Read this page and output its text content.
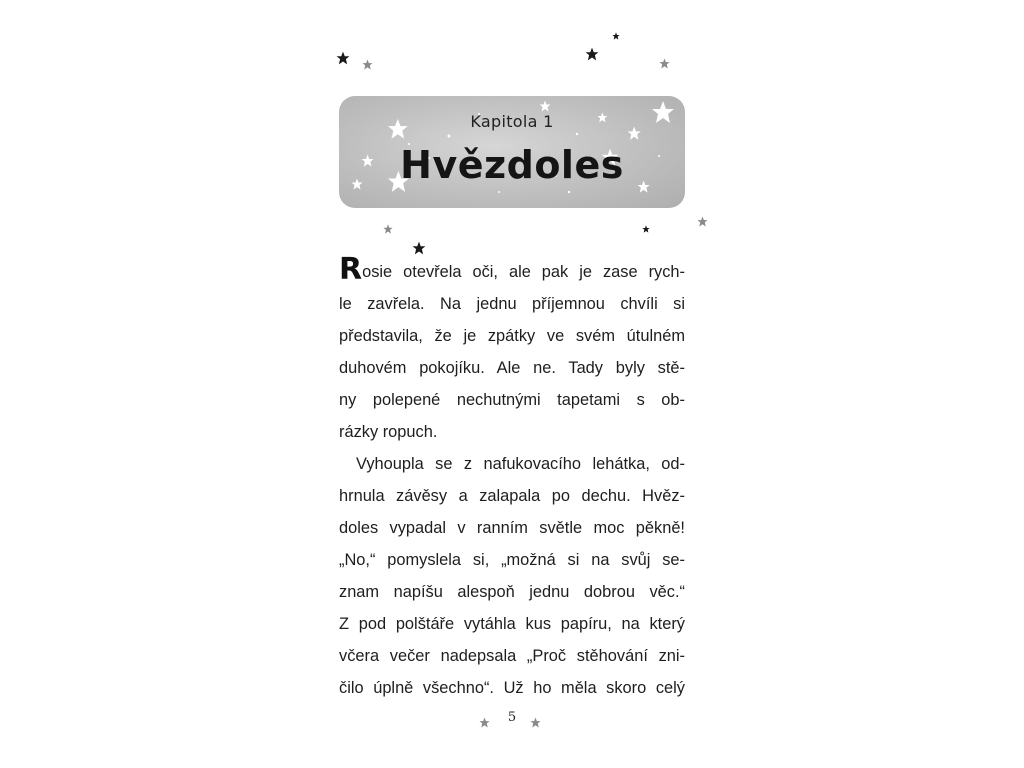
Kapitola 1
Hvězdoles
Rosie otevřela oči, ale pak je zase rych-
le zavřela. Na jednu příjemnou chvíli si
představila, že je zpátky ve svém útulném
duhovém pokojíku. Ale ne. Tady byly stě-
ny polepené nechutnými tapetami s ob-
rázky ropuch.
Vyhoupla se z nafukovacího lehátka, od-
hrnula závěsy a zalapala po dechu. Hvěz-
doles vypadal v ranním světle moc pěkně!
„No,“ pomyslela si, „možná si na svůj se-
znam napíšu alespoň jednu dobrou věc.“
Z pod polštáře vytáhla kus papíru, na který
včera večer nadepsala „Proč stěhování zni-
čilo úplně všechno“. Už ho měla skoro celý
5
